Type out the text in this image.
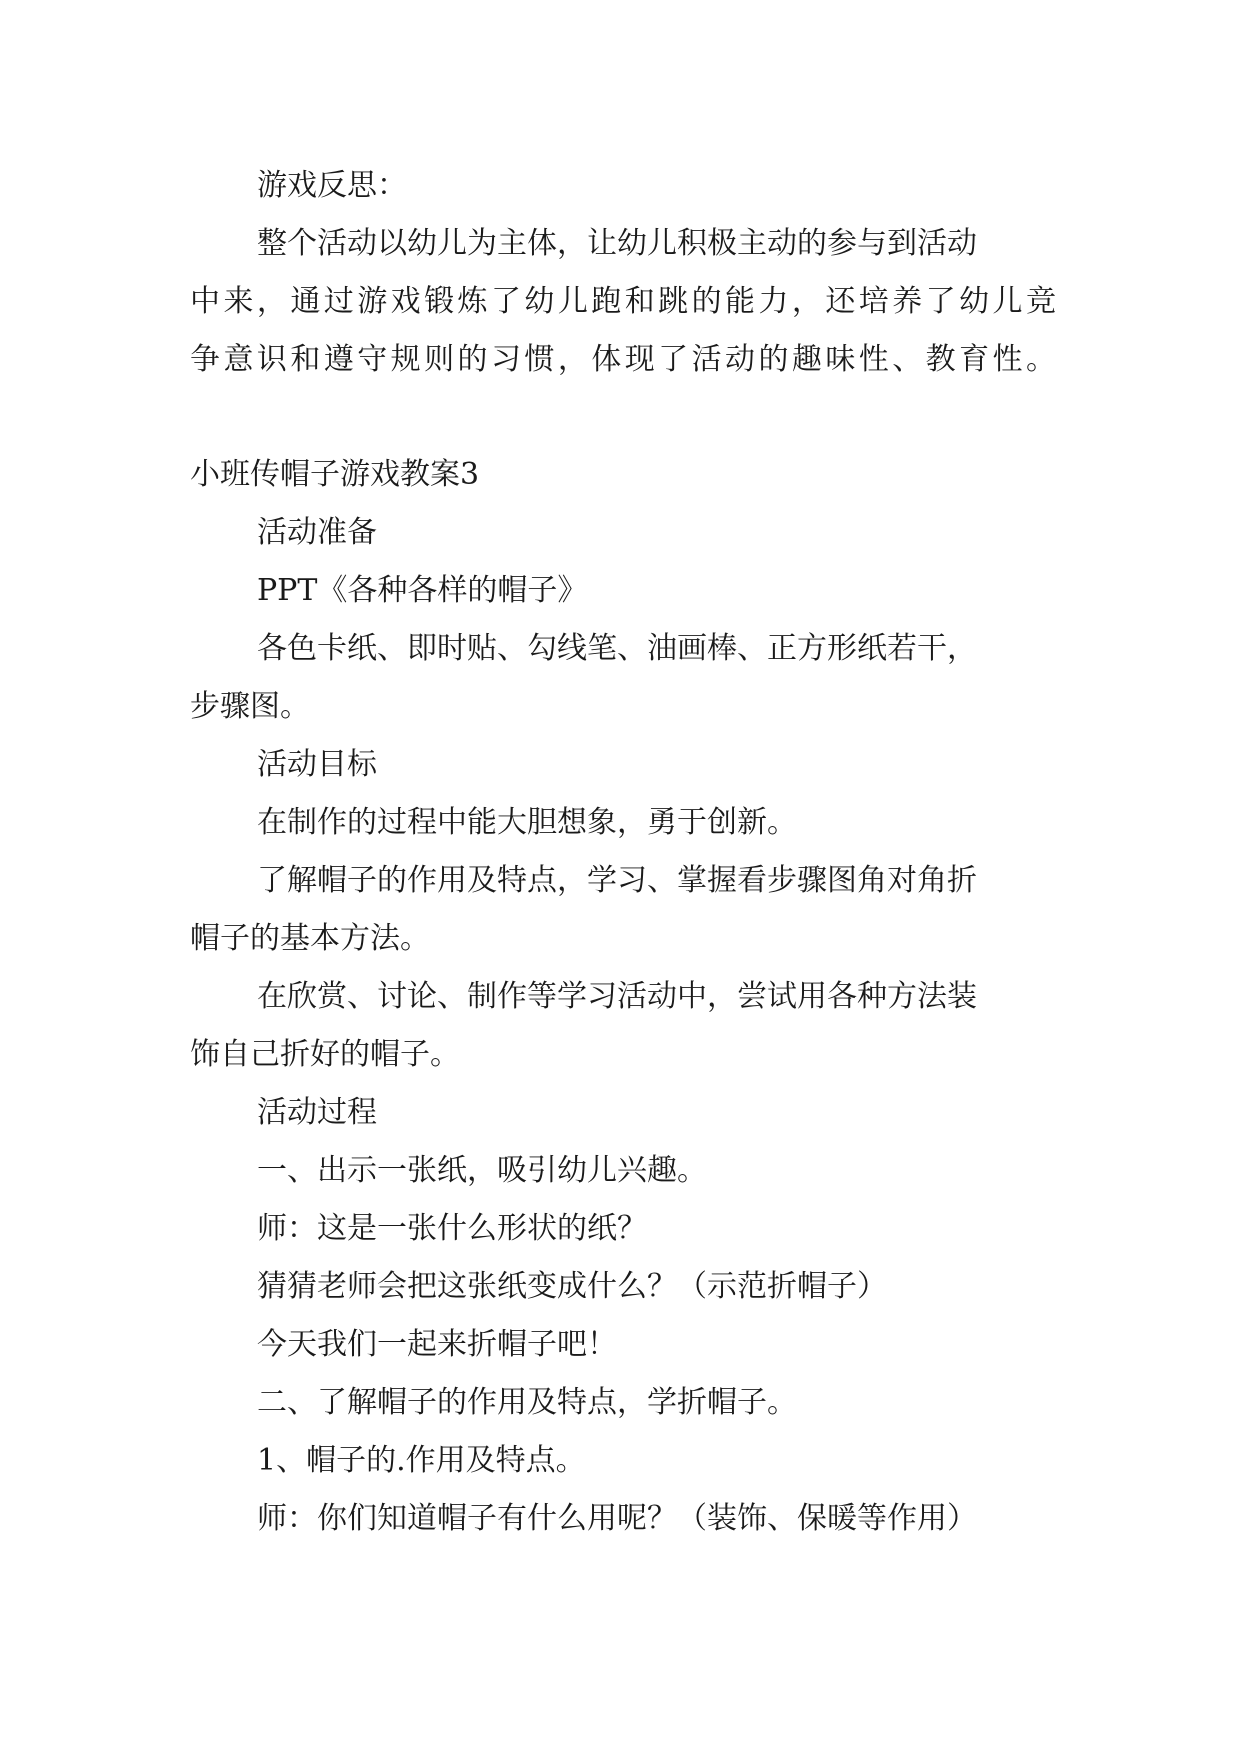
游戏反思：

整个活动以幼儿为主体，让幼儿积极主动的参与到活动

中来，通过游戏锻炼了幼儿跑和跳的能力，还培养了幼儿竞

争意识和遵守规则的习惯，体现了活动的趣味性、教育性。

小班传帽子游戏教案3

活动准备

PPT《各种各样的帽子》

各色卡纸、即时贴、勾线笔、油画棒、正方形纸若干，

步骤图。

活动目标

在制作的过程中能大胆想象，勇于创新。

了解帽子的作用及特点，学习、掌握看步骤图角对角折

帽子的基本方法。

在欣赏、讨论、制作等学习活动中，尝试用各种方法装

饰自己折好的帽子。

活动过程

一、出示一张纸，吸引幼儿兴趣。

师：这是一张什么形状的纸？

猜猜老师会把这张纸变成什么？（示范折帽子）

今天我们一起来折帽子吧！

二、了解帽子的作用及特点，学折帽子。

1、帽子的.作用及特点。

师：你们知道帽子有什么用呢？（装饰、保暖等作用）
